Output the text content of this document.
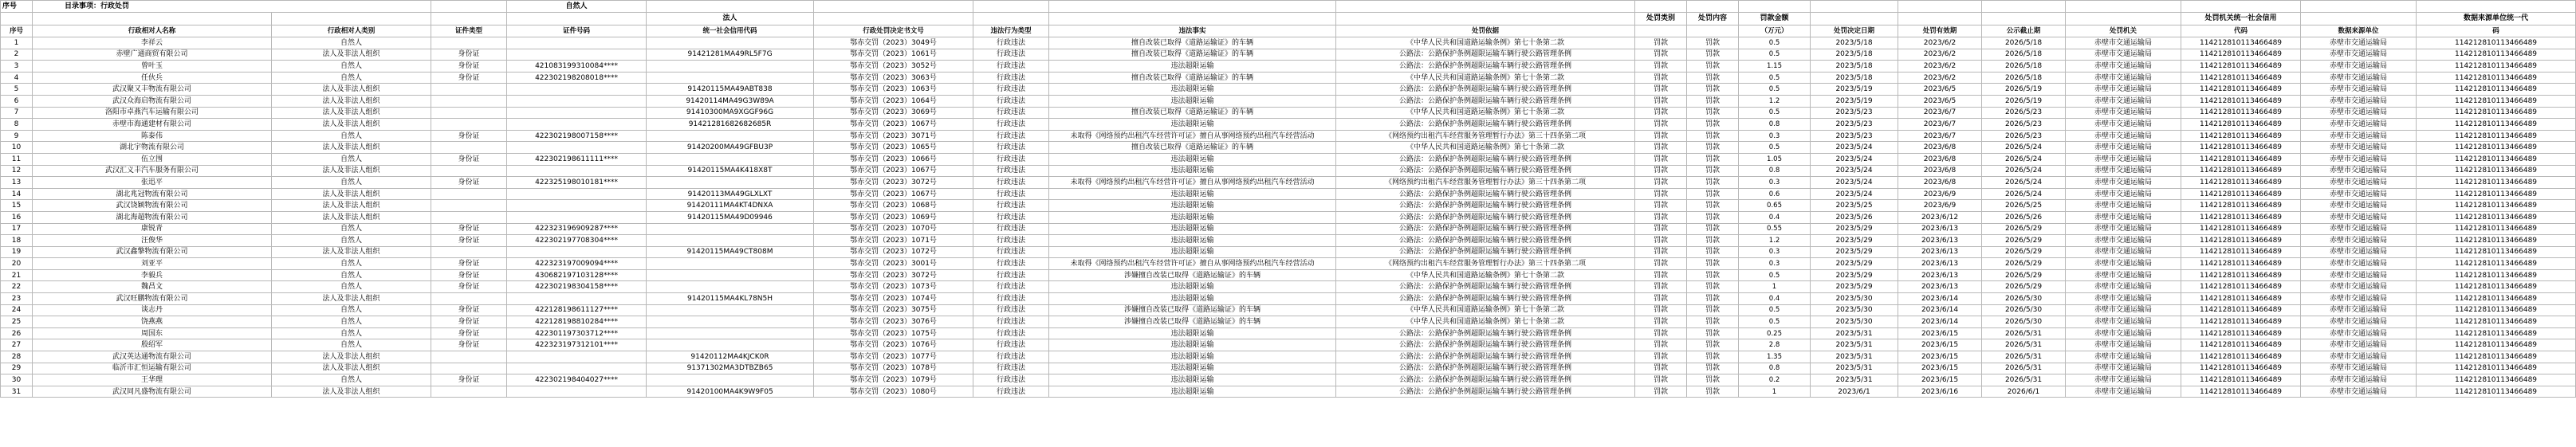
序号	目录事项：行政处罚			自然人															
					法人					处罚类别	处罚内容	罚款金额					处罚机关统一社会信用		数据来源单位统一代
序号	行政相对人名称	行政相对人类别	证件类型	证件号码	统一社会信用代码	行政处罚决定书文号	违法行为类型	违法事实	处罚依据			（万元）	处罚决定日期	处罚有效期	公示截止期	处罚机关	代码	数据来源单位	码
1	李祥云	自然人				鄂赤交罚（2023）3049号	行政违法	擅自改装已取得《道路运输证》的车辆	《中华人民共和国道路运输条例》第七十条第二款	罚款	罚款	0.5	2023/5/18	2023/6/2	2026/5/18	赤壁市交通运输局	114212810113466489	赤壁市交通运输局	114212810113466489
2	赤壁广通商贸有限公司	法人及非法人组织	身份证		91421281MA49RL5F7G	鄂赤交罚（2023）1061号	行政违法	擅自改装已取得《道路运输证》的车辆	公路法：公路保护条例超限运输车辆行驶公路管理条例	罚款	罚款	0.5	2023/5/18	2023/6/2	2026/5/18	赤壁市交通运输局	114212810113466489	赤壁市交通运输局	114212810113466489
3	曾叶玉	自然人	身份证	421083199310084****		鄂赤交罚（2023）3052号	行政违法	违法超限运输	公路法：公路保护条例超限运输车辆行驶公路管理条例	罚款	罚款	1.15	2023/5/18	2023/6/2	2026/5/18	赤壁市交通运输局	114212810113466489	赤壁市交通运输局	114212810113466489
4	任伙兵	自然人	身份证	422302198208018****		鄂赤交罚（2023）3063号	行政违法	擅自改装已取得《道路运输证》的车辆	《中华人民共和国道路运输条例》第七十条第二款	罚款	罚款	0.5	2023/5/18	2023/6/2	2026/5/18	赤壁市交通运输局	114212810113466489	赤壁市交通运输局	114212810113466489
5	武汉聚又丰物流有限公司	法人及非法人组织			91420115MA49ABT838	鄂赤交罚（2023）1063号	行政违法	违法超限运输	公路法：公路保护条例超限运输车辆行驶公路管理条例	罚款	罚款	0.5	2023/5/19	2023/6/5	2026/5/19	赤壁市交通运输局	114212810113466489	赤壁市交通运输局	114212810113466489
6	武汉众海启物流有限公司	法人及非法人组织			91420114MA49G3W89A	鄂赤交罚（2023）1064号	行政违法	违法超限运输	公路法：公路保护条例超限运输车辆行驶公路管理条例	罚款	罚款	1.2	2023/5/19	2023/6/5	2026/5/19	赤壁市交通运输局	114212810113466489	赤壁市交通运输局	114212810113466489
7	洛阳市卓燕汽车运输有限公司	法人及非法人组织			91410300MA9XGGF96G	鄂赤交罚（2023）3069号	行政违法	擅自改装已取得《道路运输证》的车辆	《中华人民共和国道路运输条例》第七十条第二款	罚款	罚款	0.5	2023/5/23	2023/6/7	2026/5/23	赤壁市交通运输局	114212810113466489	赤壁市交通运输局	114212810113466489
8	赤壁市海通建材有限公司	法人及非法人组织			91421281682682685R	鄂赤交罚（2023）1067号	行政违法	违法超限运输	公路法：公路保护条例超限运输车辆行驶公路管理条例	罚款	罚款	0.8	2023/5/23	2023/6/7	2026/5/23	赤壁市交通运输局	114212810113466489	赤壁市交通运输局	114212810113466489
9	陈泰伟	自然人	身份证	422302198007158****		鄂赤交罚（2023）3071号	行政违法	未取得《网络预约出租汽车经营许可证》擅自从事网络预约出租汽车经营活动	《网络预约出租汽车经营服务管理暂行办法》第三十四条第二项	罚款	罚款	0.3	2023/5/23	2023/6/7	2026/5/23	赤壁市交通运输局	114212810113466489	赤壁市交通运输局	114212810113466489
10	湖北宇物流有限公司	法人及非法人组织			91420200MA49GFBU3P	鄂赤交罚（2023）1065号	行政违法	擅自改装已取得《道路运输证》的车辆	《中华人民共和国道路运输条例》第七十条第二款	罚款	罚款	0.5	2023/5/24	2023/6/8	2026/5/24	赤壁市交通运输局	114212810113466489	赤壁市交通运输局	114212810113466489
11	伍立围	自然人	身份证	422302198611111****		鄂赤交罚（2023）1066号	行政违法	违法超限运输	公路法：公路保护条例超限运输车辆行驶公路管理条例	罚款	罚款	1.05	2023/5/24	2023/6/8	2026/5/24	赤壁市交通运输局	114212810113466489	赤壁市交通运输局	114212810113466489
12	武汉汇义丰汽车服务有限公司	法人及非法人组织			91420115MA4K418X8T	鄂赤交罚（2023）1067号	行政违法	违法超限运输	公路法：公路保护条例超限运输车辆行驶公路管理条例	罚款	罚款	0.8	2023/5/24	2023/6/8	2026/5/24	赤壁市交通运输局	114212810113466489	赤壁市交通运输局	114212810113466489
13	张迅平	自然人	身份证	422325198010181****		鄂赤交罚（2023）3072号	行政违法	未取得《网络预约出租汽车经营许可证》擅自从事网络预约出租汽车经营活动	《网络预约出租汽车经营服务管理暂行办法》第三十四条第二项	罚款	罚款	0.3	2023/5/24	2023/6/8	2026/5/24	赤壁市交通运输局	114212810113466489	赤壁市交通运输局	114212810113466489
14	湖北兆冠物流有限公司	法人及非法人组织			91420113MA49GLXLXT	鄂赤交罚（2023）1067号	行政违法	违法超限运输	公路法：公路保护条例超限运输车辆行驶公路管理条例	罚款	罚款	0.6	2023/5/24	2023/6/9	2026/5/24	赤壁市交通运输局	114212810113466489	赤壁市交通运输局	114212810113466489
15	武汉饶颖物流有限公司	法人及非法人组织			91420111MA4KT4DNXA	鄂赤交罚（2023）1068号	行政违法	违法超限运输	公路法：公路保护条例超限运输车辆行驶公路管理条例	罚款	罚款	0.65	2023/5/25	2023/6/9	2026/5/25	赤壁市交通运输局	114212810113466489	赤壁市交通运输局	114212810113466489
16	湖北海超物流有限公司	法人及非法人组织			91420115MA49D09946	鄂赤交罚（2023）1069号	行政违法	违法超限运输	公路法：公路保护条例超限运输车辆行驶公路管理条例	罚款	罚款	0.4	2023/5/26	2023/6/12	2026/5/26	赤壁市交通运输局	114212810113466489	赤壁市交通运输局	114212810113466489
17	康锐青	自然人	身份证	422323196909287****		鄂赤交罚（2023）1070号	行政违法	违法超限运输	公路法：公路保护条例超限运输车辆行驶公路管理条例	罚款	罚款	0.55	2023/5/29	2023/6/13	2026/5/29	赤壁市交通运输局	114212810113466489	赤壁市交通运输局	114212810113466489
18	汪俊华	自然人	身份证	422302197708304****		鄂赤交罚（2023）1071号	行政违法	违法超限运输	公路法：公路保护条例超限运输车辆行驶公路管理条例	罚款	罚款	1.2	2023/5/29	2023/6/13	2026/5/29	赤壁市交通运输局	114212810113466489	赤壁市交通运输局	114212810113466489
19	武汉鑫擎物流有限公司	法人及非法人组织			91420115MA49CT808M	鄂赤交罚（2023）1072号	行政违法	违法超限运输	公路法：公路保护条例超限运输车辆行驶公路管理条例	罚款	罚款	0.3	2023/5/29	2023/6/13	2026/5/29	赤壁市交通运输局	114212810113466489	赤壁市交通运输局	114212810113466489
20	刘亚平	自然人	身份证	422323197009094****		鄂赤交罚（2023）3001号	行政违法	未取得《网络预约出租汽车经营许可证》擅自从事网络预约出租汽车经营活动	《网络预约出租汽车经营服务管理暂行办法》第三十四条第二项	罚款	罚款	0.3	2023/5/29	2023/6/13	2026/5/29	赤壁市交通运输局	114212810113466489	赤壁市交通运输局	114212810113466489
21	李毅兵	自然人	身份证	430682197103128****		鄂赤交罚（2023）3072号	行政违法	涉嫌擅自改装已取得《道路运输证》的车辆	《中华人民共和国道路运输条例》第七十条第二款	罚款	罚款	0.5	2023/5/29	2023/6/13	2026/5/29	赤壁市交通运输局	114212810113466489	赤壁市交通运输局	114212810113466489
22	魏昌文	自然人	身份证	422302198304158****		鄂赤交罚（2023）1073号	行政违法	违法超限运输	公路法：公路保护条例超限运输车辆行驶公路管理条例	罚款	罚款	1	2023/5/29	2023/6/13	2026/5/29	赤壁市交通运输局	114212810113466489	赤壁市交通运输局	114212810113466489
23	武汉旺鹏物流有限公司	法人及非法人组织			91420115MA4KL78N5H	鄂赤交罚（2023）1074号	行政违法	违法超限运输	公路法：公路保护条例超限运输车辆行驶公路管理条例	罚款	罚款	0.4	2023/5/30	2023/6/14	2026/5/30	赤壁市交通运输局	114212810113466489	赤壁市交通运输局	114212810113466489
24	谈志丹	自然人	身份证	422128198611127****		鄂赤交罚（2023）3075号	行政违法	涉嫌擅自改装已取得《道路运输证》的车辆	《中华人民共和国道路运输条例》第七十条第二款	罚款	罚款	0.5	2023/5/30	2023/6/14	2026/5/30	赤壁市交通运输局	114212810113466489	赤壁市交通运输局	114212810113466489
25	饶燕燕	自然人	身份证	422128198810284****		鄂赤交罚（2023）3076号	行政违法	涉嫌擅自改装已取得《道路运输证》的车辆	《中华人民共和国道路运输条例》第七十条第二款	罚款	罚款	0.5	2023/5/30	2023/6/14	2026/5/30	赤壁市交通运输局	114212810113466489	赤壁市交通运输局	114212810113466489
26	周国东	自然人	身份证	422301197303712****		鄂赤交罚（2023）1075号	行政违法	违法超限运输	公路法：公路保护条例超限运输车辆行驶公路管理条例	罚款	罚款	0.25	2023/5/31	2023/6/15	2026/5/31	赤壁市交通运输局	114212810113466489	赤壁市交通运输局	114212810113466489
27	殷绍军	自然人	身份证	422323197312101****		鄂赤交罚（2023）1076号	行政违法	违法超限运输	公路法：公路保护条例超限运输车辆行驶公路管理条例	罚款	罚款	2.8	2023/5/31	2023/6/15	2026/5/31	赤壁市交通运输局	114212810113466489	赤壁市交通运输局	114212810113466489
28	武汉英达通物流有限公司	法人及非法人组织			91420112MA4KJCK0R	鄂赤交罚（2023）1077号	行政违法	违法超限运输	公路法：公路保护条例超限运输车辆行驶公路管理条例	罚款	罚款	1.35	2023/5/31	2023/6/15	2026/5/31	赤壁市交通运输局	114212810113466489	赤壁市交通运输局	114212810113466489
29	临沂市汇恒运输有限公司	法人及非法人组织			91371302MA3DTBZB65	鄂赤交罚（2023）1078号	行政违法	违法超限运输	公路法：公路保护条例超限运输车辆行驶公路管理条例	罚款	罚款	0.8	2023/5/31	2023/6/15	2026/5/31	赤壁市交通运输局	114212810113466489	赤壁市交通运输局	114212810113466489
30	王华理	自然人	身份证	422302198404027****		鄂赤交罚（2023）1079号	行政违法	违法超限运输	公路法：公路保护条例超限运输车辆行驶公路管理条例	罚款	罚款	0.2	2023/5/31	2023/6/15	2026/5/31	赤壁市交通运输局	114212810113466489	赤壁市交通运输局	114212810113466489
31	武汉同凡盛物流有限公司	法人及非法人组织			91420100MA4K9W9F05	鄂赤交罚（2023）1080号	行政违法	违法超限运输	公路法：公路保护条例超限运输车辆行驶公路管理条例	罚款	罚款	1	2023/6/1	2023/6/16	2026/6/1	赤壁市交通运输局	114212810113466489	赤壁市交通运输局	114212810113466489
